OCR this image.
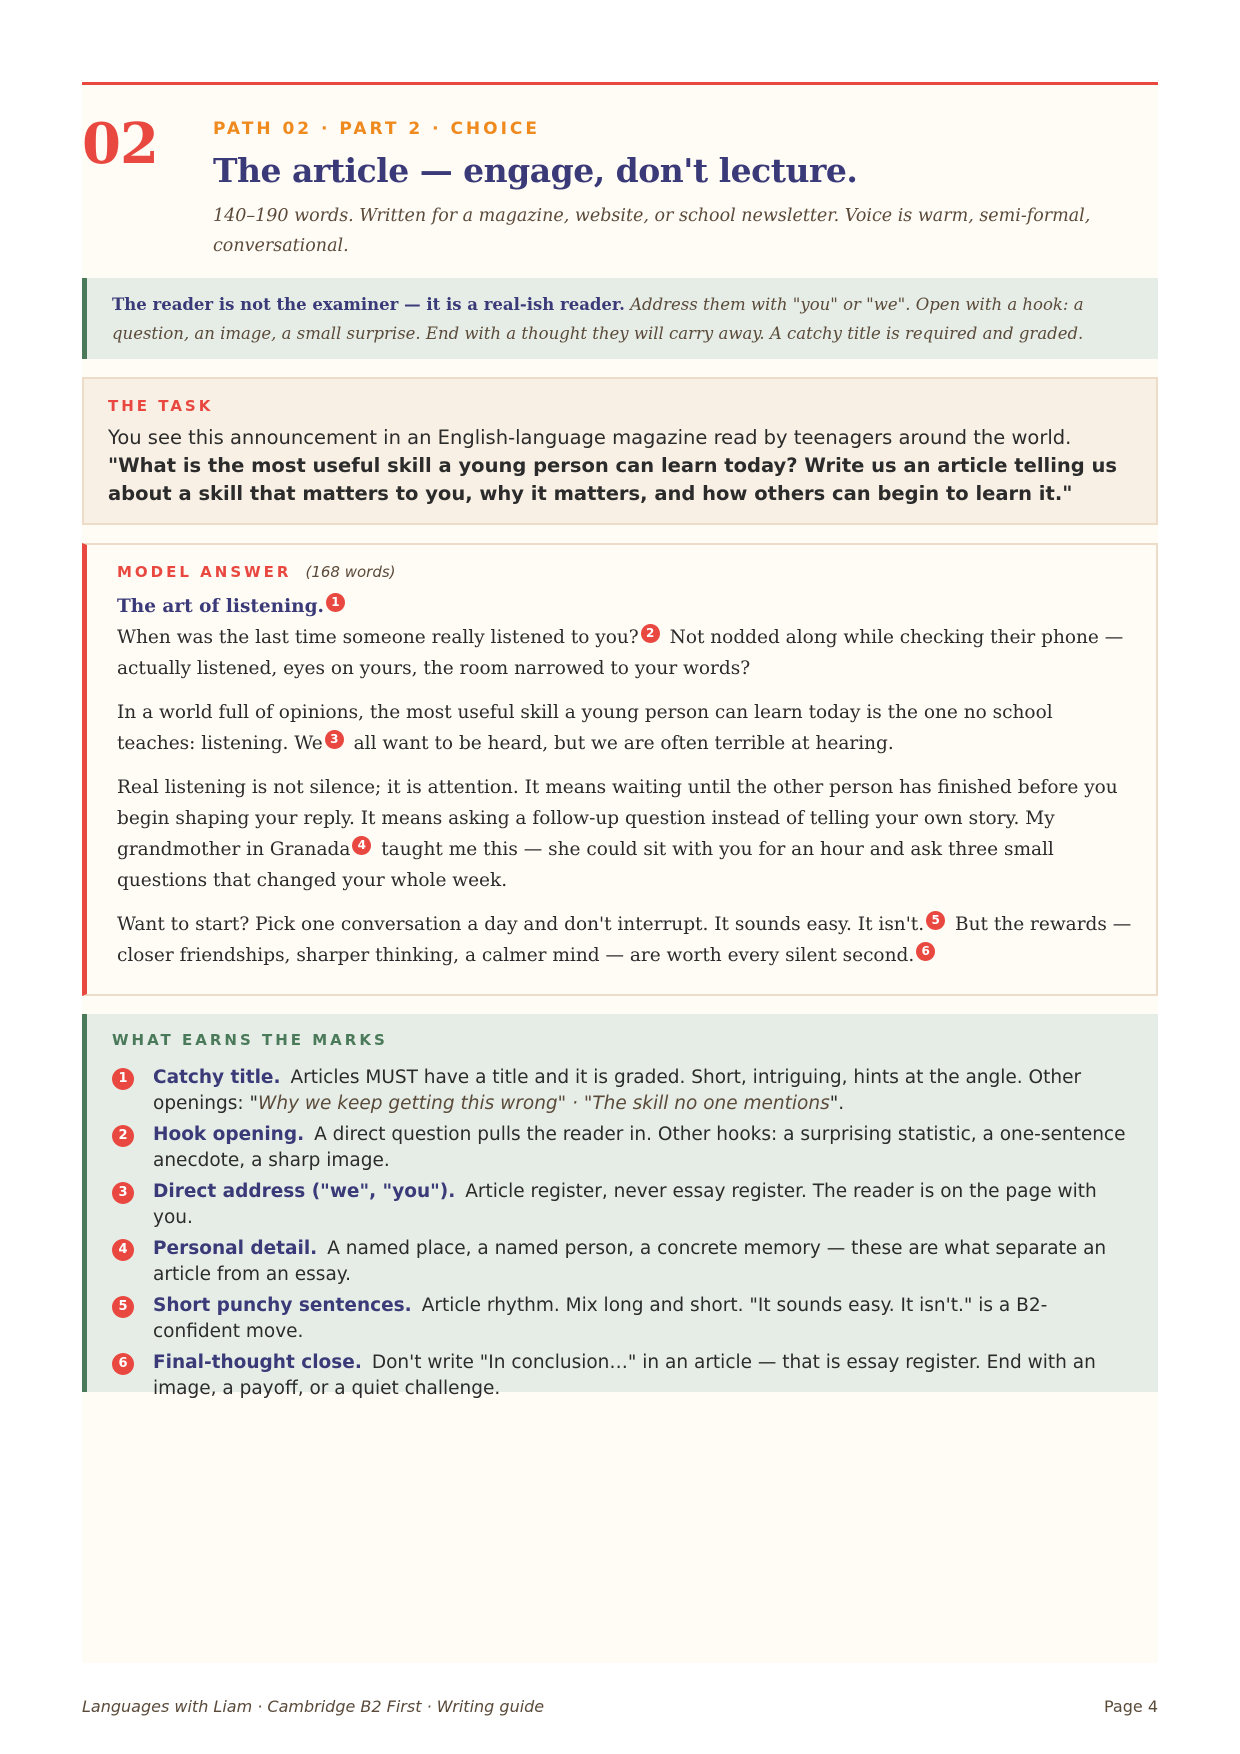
02	PATH 02 · PART 2 · CHOICE
The article — engage, don't lecture.
140–190 words. Written for a magazine, website, or school newsletter. Voice is warm, semi-formal, conversational.
The reader is not the examiner — it is a real-ish reader. Address them with "you" or "we". Open with a hook: a question, an image, a small surprise. End with a thought they will carry away. A catchy title is required and graded.
THE TASK
You see this announcement in an English-language magazine read by teenagers around the world.
"What is the most useful skill a young person can learn today? Write us an article telling us about a skill that matters to you, why it matters, and how others can begin to learn it."
MODEL ANSWER (168 words)
The art of listening. 1

When was the last time someone really listened to you? 2 Not nodded along while checking their phone — actually listened, eyes on yours, the room narrowed to your words?

In a world full of opinions, the most useful skill a young person can learn today is the one no school teaches: listening. We 3 all want to be heard, but we are often terrible at hearing.

Real listening is not silence; it is attention. It means waiting until the other person has finished before you begin shaping your reply. It means asking a follow-up question instead of telling your own story. My grandmother in Granada 4 taught me this — she could sit with you for an hour and ask three small questions that changed your whole week.

Want to start? Pick one conversation a day and don't interrupt. It sounds easy. It isn't. 5 But the rewards — closer friendships, sharper thinking, a calmer mind — are worth every silent second. 6

WHAT EARNS THE MARKS
1	Catchy title. Articles MUST have a title and it is graded. Short, intriguing, hints at the angle. Other openings: "Why we keep getting this wrong" · "The skill no one mentions".
2	Hook opening. A direct question pulls the reader in. Other hooks: a surprising statistic, a one-sentence anecdote, a sharp image.
3	Direct address ("we", "you"). Article register, never essay register. The reader is on the page with you.
4	Personal detail. A named place, a named person, a concrete memory — these are what separate an article from an essay.
5	Short punchy sentences. Article rhythm. Mix long and short. "It sounds easy. It isn't." is a B2-confident move.
6	Final-thought close. Don't write "In conclusion…" in an article — that is essay register. End with an image, a payoff, or a quiet challenge.
Languages with Liam · Cambridge B2 First · Writing guide	Page 4
